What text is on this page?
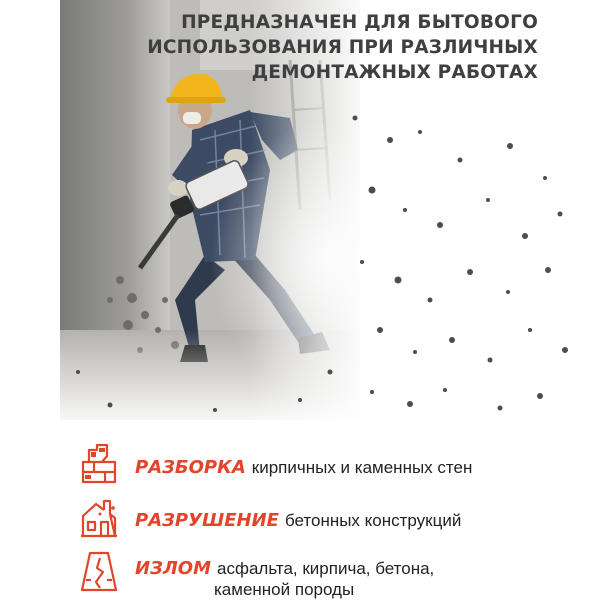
ПРЕДНАЗНАЧЕН ДЛЯ БЫТОВОГО
ИСПОЛЬЗОВАНИЯ ПРИ РАЗЛИЧНЫХ
ДЕМОНТАЖНЫХ РАБОТАХ
РАЗБОРКА кирпичных и каменных стен
РАЗРУШЕНИЕ бетонных конструкций
ИЗЛОМ асфальта, кирпича, бетона,
каменной породы
